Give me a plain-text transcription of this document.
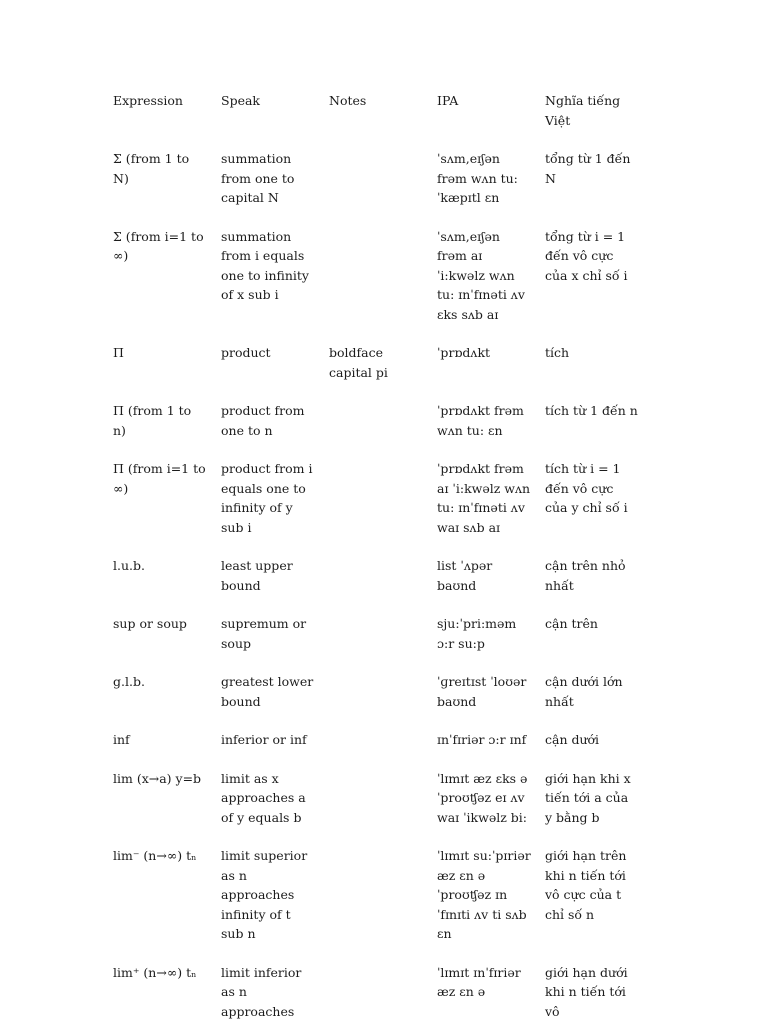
Expression	Speak	Notes	IPA	Nghĩa tiếng Việt
Σ (from 1 to N)	summation from one to capital N		ˈsʌm,eɪʃən frəm wʌn tu: ˈkæpɪtl ɛn	tổng từ 1 đến N
Σ (from i=1 to ∞)	summation from i equals one to infinity of x sub i		ˈsʌm,eɪʃən frəm aɪ ˈi:kwəlz wʌn tu: ɪnˈfɪnəti ʌv ɛks sʌb aɪ	tổng từ i = 1 đến vô cực của x chỉ số i
Π	product	boldface capital pi	ˈprɒdʌkt	tích
Π (from 1 to n)	product from one to n		ˈprɒdʌkt frəm wʌn tu: ɛn	tích từ 1 đến n
Π (from i=1 to ∞)	product from i equals one to infinity of y sub i		ˈprɒdʌkt frəm aɪ ˈi:kwəlz wʌn tu: ɪnˈfɪnəti ʌv waɪ sʌb aɪ	tích từ i = 1 đến vô cực của y chỉ số i
l.u.b.	least upper bound		list ˈʌpər baʊnd	cận trên nhỏ nhất
sup or soup	supremum or soup		sju:ˈpri:məm ɔ:r su:p	cận trên
g.l.b.	greatest lower bound		ˈɡreɪtɪst ˈloʊər baʊnd	cận dưới lớn nhất
inf	inferior or inf		ɪnˈfɪriər ɔ:r ɪnf	cận dưới
lim (x→a) y=b	limit as x approaches a of y equals b		ˈlɪmɪt æz ɛks ə ˈproʊʧəz eɪ ʌv waɪ ˈikwəlz bi:	giới hạn khi x tiến tới a của y bằng b
lim⁻ (n→∞) tₙ	limit superior as n approaches infinity of t sub n		ˈlɪmɪt su:ˈpɪriər æz ɛn ə ˈproʊʧəz ɪn ˈfɪnɪti ʌv ti sʌb ɛn	giới hạn trên khi n tiến tới vô cực của t chỉ số n
lim⁺ (n→∞) tₙ	limit inferior as n approaches		ˈlɪmɪt ɪnˈfɪriər æz ɛn ə	giới hạn dưới khi n tiến tới vô
